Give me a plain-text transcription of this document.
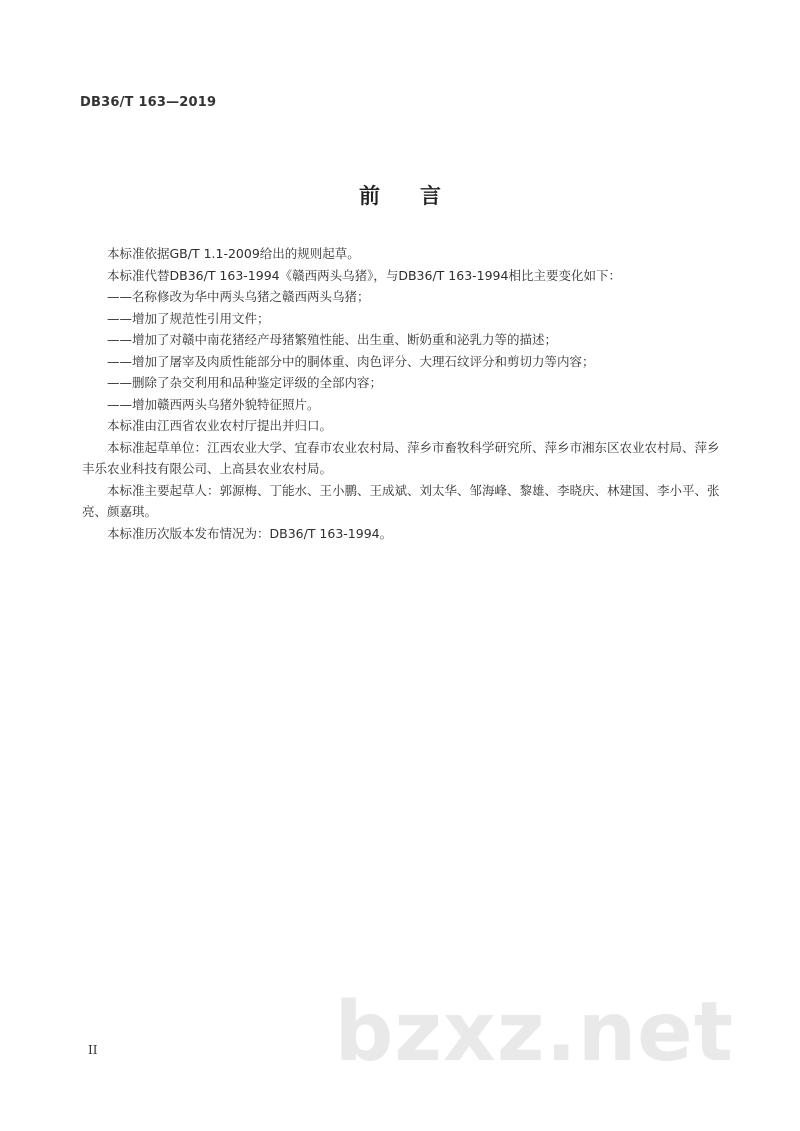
DB36/T 163—2019
前 言

本标准依据GB/T 1.1-2009给出的规则起草。

本标准代替DB36/T 163-1994《赣西两头乌猪》，与DB36/T 163-1994相比主要变化如下：

——名称修改为华中两头乌猪之赣西两头乌猪；

——增加了规范性引用文件；

——增加了对赣中南花猪经产母猪繁殖性能、出生重、断奶重和泌乳力等的描述；

——增加了屠宰及肉质性能部分中的胴体重、肉色评分、大理石纹评分和剪切力等内容；

——删除了杂交利用和品种鉴定评级的全部内容；

——增加赣西两头乌猪外貌特征照片。

本标准由江西省农业农村厅提出并归口。

本标准起草单位：江西农业大学、宜春市农业农村局、萍乡市畜牧科学研究所、萍乡市湘东区农业农村局、萍乡丰乐农业科技有限公司、上高县农业农村局。

本标准主要起草人：郭源梅、丁能水、王小鹏、王成斌、刘太华、邹海峰、黎雄、李晓庆、林建国、李小平、张亮、颜嘉琪。

本标准历次版本发布情况为：DB36/T 163-1994。

II	bzxz.net
